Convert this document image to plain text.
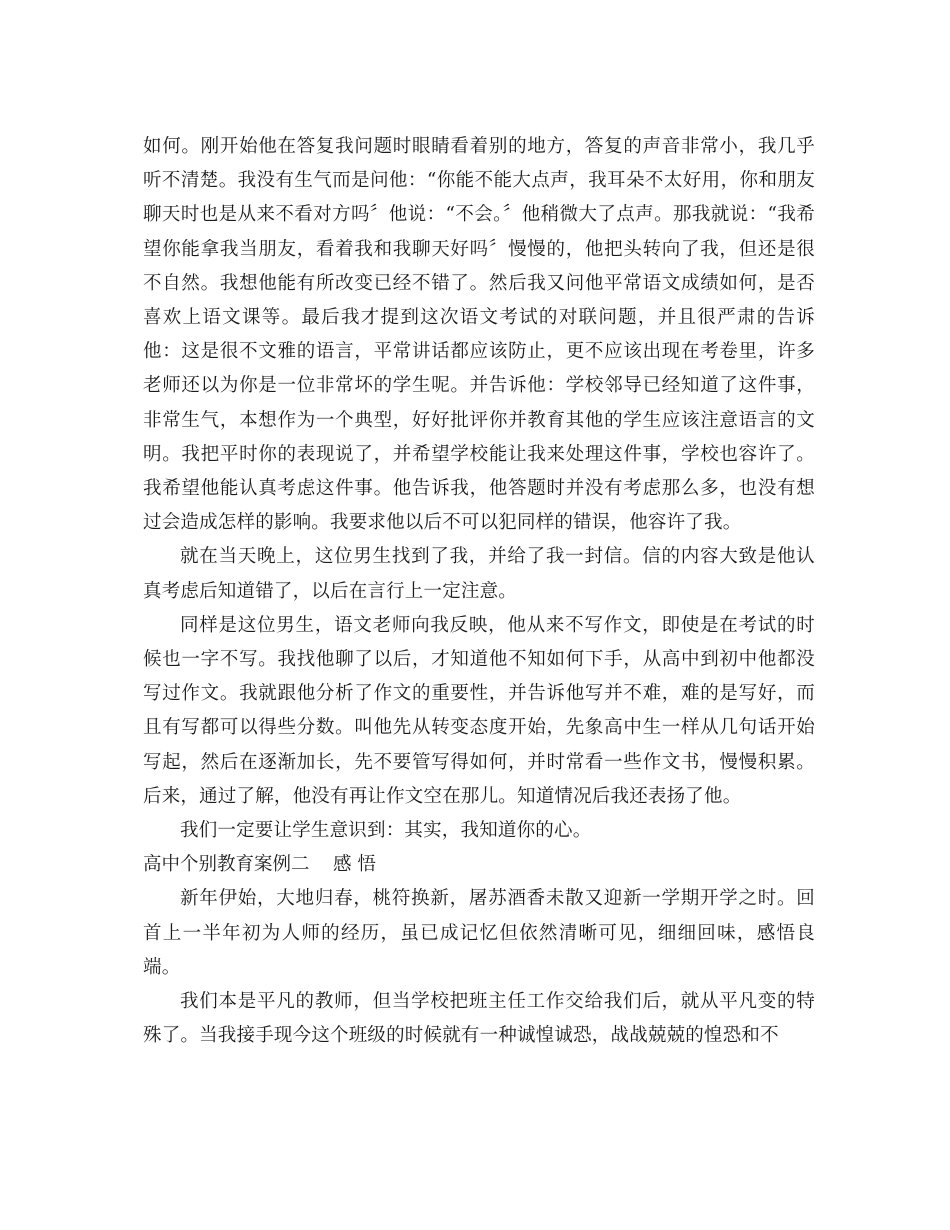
如何。刚开始他在答复我问题时眼睛看着别的地方，答复的声音非常小，我几乎听不清楚。我没有生气而是问他：“你能不能大点声，我耳朵不太好用，你和朋友聊天时也是从来不看对方吗〞他说：“不会。〞他稍微大了点声。那我就说：“我希望你能拿我当朋友，看着我和我聊天好吗〞慢慢的，他把头转向了我，但还是很不自然。我想他能有所改变已经不错了。然后我又问他平常语文成绩如何，是否喜欢上语文课等。最后我才提到这次语文考试的对联问题，并且很严肃的告诉他：这是很不文雅的语言，平常讲话都应该防止，更不应该出现在考卷里，许多老师还以为你是一位非常坏的学生呢。并告诉他：学校邻导已经知道了这件事，非常生气，本想作为一个典型，好好批评你并教育其他的学生应该注意语言的文明。我把平时你的表现说了，并希望学校能让我来处理这件事，学校也容许了。我希望他能认真考虑这件事。他告诉我，他答题时并没有考虑那么多，也没有想过会造成怎样的影响。我要求他以后不可以犯同样的错误，他容许了我。

就在当天晚上，这位男生找到了我，并给了我一封信。信的内容大致是他认真考虑后知道错了，以后在言行上一定注意。

同样是这位男生，语文老师向我反映，他从来不写作文，即使是在考试的时候也一字不写。我找他聊了以后，才知道他不知如何下手，从高中到初中他都没写过作文。我就跟他分析了作文的重要性，并告诉他写并不难，难的是写好，而且有写都可以得些分数。叫他先从转变态度开始，先象高中生一样从几句话开始写起，然后在逐渐加长，先不要管写得如何，并时常看一些作文书，慢慢积累。后来，通过了解，他没有再让作文空在那儿。知道情况后我还表扬了他。

我们一定要让学生意识到：其实，我知道你的心。

高中个别教育案例二    感 悟

新年伊始，大地归春，桃符换新，屠苏酒香未散又迎新一学期开学之时。回首上一半年初为人师的经历，虽已成记忆但依然清晰可见，细细回味，感悟良端。

我们本是平凡的教师，但当学校把班主任工作交给我们后，就从平凡变的特殊了。当我接手现今这个班级的时候就有一种诚惶诚恐，战战兢兢的惶恐和不
